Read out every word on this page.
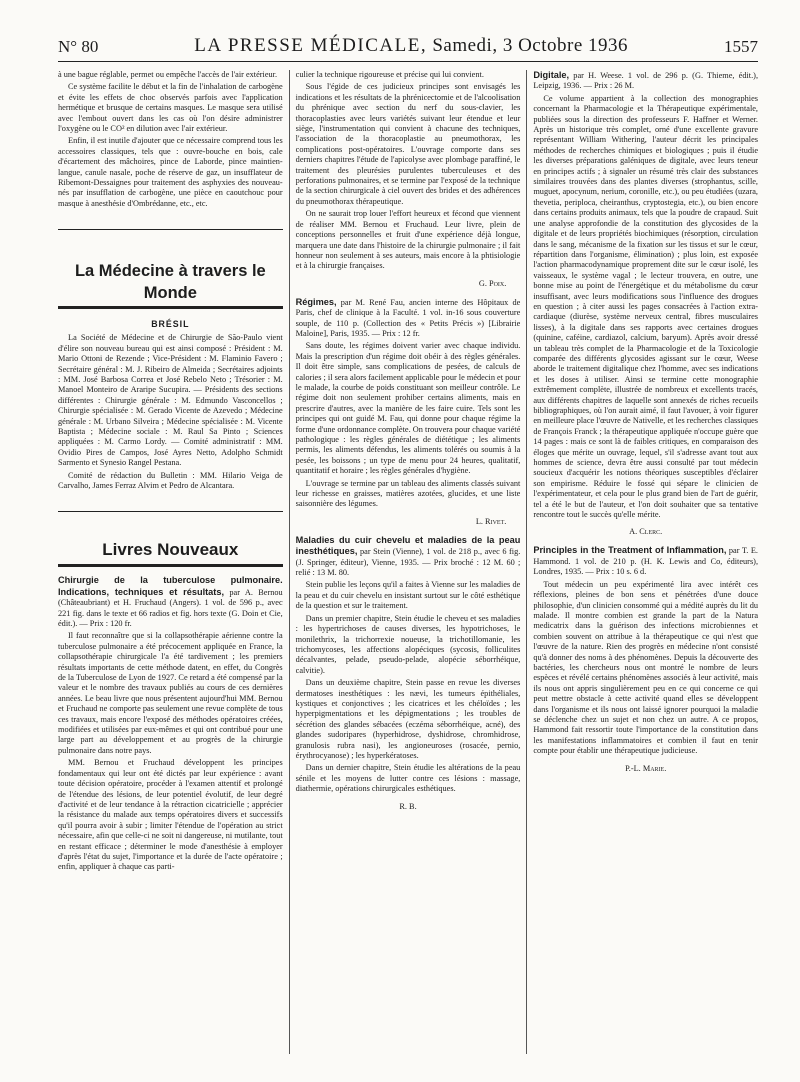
N° 80	LA PRESSE MÉDICALE, Samedi, 3 Octobre 1936	1557

à une bague réglable, permet ou empêche l'accès de l'air extérieur.

Ce système facilite le début et la fin de l'inhalation de carbogène et évite les effets de choc observés parfois avec l'application hermétique et brusque de certains masques. Le masque sera utilisé avec l'embout ouvert dans les cas où l'on désire administrer l'oxygène ou le CO² en dilution avec l'air extérieur.

Enfin, il est inutile d'ajouter que ce nécessaire comprend tous les accessoires classiques, tels que : ouvre-bouche en bois, cale d'écartement des mâchoires, pince de Laborde, pince maintien-langue, canule nasale, poche de réserve de gaz, un insufflateur de Ribemont-Dessaignes pour traitement des asphyxies des nouveau-nés par insufflation de carbogène, une pièce en caoutchouc pour masque à anesthésie d'Ombrédanne, etc., etc.

La Médecine à travers le Monde
BRÉSIL

La Société de Médecine et de Chirurgie de São-Paulo vient d'élire son nouveau bureau qui est ainsi composé : Président : M. Mario Ottoni de Rezende ; Vice-Président : M. Flaminio Favero ; Secrétaire général : M. J. Ribeiro de Almeida ; Secrétaires adjoints : MM. José Barbosa Correa et José Rebelo Neto ; Trésorier : M. Manoel Monteiro de Araripe Sucupira. — Présidents des sections différentes : Chirurgie générale : M. Edmundo Vasconcellos ; Chirurgie spécialisée : M. Gerado Vicente de Azevedo ; Médecine générale : M. Urbano Silveira ; Médecine spécialisée : M. Vicente Baptista ; Médecine sociale : M. Raul Sa Pinto ; Sciences appliquées : M. Carmo Lordy. — Comité administratif : MM. Ovidio Pires de Campos, José Ayres Netto, Adolpho Schmidt Sarmento et Synesio Rangel Pestana.

Comité de rédaction du Bulletin : MM. Hilario Veiga de Carvalho, James Ferraz Alvim et Pedro de Alcantara.

Livres Nouveaux

Chirurgie de la tuberculose pulmonaire. Indications, techniques et résultats, par A. Bernou (Châteaubriant) et H. Fruchaud (Angers). 1 vol. de 596 p., avec 221 fig. dans le texte et 66 radios et fig. hors texte (G. Doin et Cie, édit.). — Prix : 120 fr.

Il faut reconnaître que si la collapsothérapie aérienne contre la tuberculose pulmonaire a été précocement appliquée en France, la collapsothérapie chirurgicale l'a été tardivement ; les premiers résultats importants de cette méthode datent, en effet, du Congrès de la Tuberculose de Lyon de 1927. Ce retard a été compensé par la valeur et le nombre des travaux publiés au cours de ces dernières années. Le beau livre que nous présentent aujourd'hui MM. Bernou et Fruchaud ne comporte pas seulement une revue complète de tous ces travaux, mais encore l'exposé des méthodes opératoires créées, modifiées et utilisées par eux-mêmes et qui ont contribué pour une large part au développement et au progrès de la chirurgie pulmonaire dans notre pays.

MM. Bernou et Fruchaud développent les principes fondamentaux qui leur ont été dictés par leur expérience : avant toute décision opératoire, procéder à l'examen attentif et prolongé de l'étendue des lésions, de leur potentiel évolutif, de leur degré d'activité et de leur tendance à la rétraction cicatricielle ; apprécier la résistance du malade aux temps opératoires divers et successifs qu'il pourra avoir à subir ; limiter l'étendue de l'opération au strict nécessaire, afin que celle-ci ne soit ni dangereuse, ni mutilante, tout en restant efficace ; déterminer le mode d'anesthésie à employer d'après l'état du sujet, l'importance et la durée de l'acte opératoire ; enfin, appliquer à chaque cas parti-

culier la technique rigoureuse et précise qui lui convient.

Sous l'égide de ces judicieux principes sont envisagés les indications et les résultats de la phrénicectomie et de l'alcoolisation du phrénique avec section du nerf du sous-clavier, les thoracoplasties avec leurs variétés suivant leur étendue et leur siège, l'instrumentation qui convient à chacune des techniques, l'association de la thoracoplastie au pneumothorax, les complications post-opératoires. L'ouvrage comporte dans ses derniers chapitres l'étude de l'apicolyse avec plombage paraffiné, le traitement des pleurésies purulentes tuberculeuses et des perforations pulmonaires, et se termine par l'exposé de la technique de la section chirurgicale à ciel ouvert des brides et des adhérences du pneumothorax thérapeutique.

On ne saurait trop louer l'effort heureux et fécond que viennent de réaliser MM. Bernou et Fruchaud. Leur livre, plein de conceptions personnelles et fruit d'une expérience déjà longue, marquera une date dans l'histoire de la chirurgie pulmonaire ; il fait honneur non seulement à ses auteurs, mais encore à la phtisiologie et à la chirurgie françaises.

G. Poix.

Régimes, par M. René Fau, ancien interne des Hôpitaux de Paris, chef de clinique à la Faculté. 1 vol. in-16 sous couverture souple, de 110 p. (Collection des « Petits Précis ») [Librairie Maloine], Paris, 1935. — Prix : 12 fr.

Sans doute, les régimes doivent varier avec chaque individu. Mais la prescription d'un régime doit obéir à des règles générales. Il doit être simple, sans complications de pesées, de calculs de calories ; il sera alors facilement applicable pour le médecin et pour le malade, la courbe de poids constituant son meilleur contrôle. Le régime doit non seulement prohiber certains aliments, mais en prescrire d'autres, avec la manière de les faire cuire. Tels sont les principes qui ont guidé M. Fau, qui donne pour chaque régime la forme d'une ordonnance complète. On trouvera pour chaque variété pathologique : les règles générales de diététique ; les aliments permis, les aliments défendus, les aliments tolérés ou soumis à la pesée, les boissons ; un type de menu pour 24 heures, qualitatif, quantitatif et horaire ; les règles générales d'hygiène.

L'ouvrage se termine par un tableau des aliments classés suivant leur richesse en graisses, matières azotées, glucides, et une liste saisonnière des légumes.

L. Rivet.

Maladies du cuir chevelu et maladies de la peau inesthétiques, par Stein (Vienne), 1 vol. de 218 p., avec 6 fig. (J. Springer, éditeur), Vienne, 1935. — Prix broché : 12 M. 60 ; relié : 13 M. 80.

Stein publie les leçons qu'il a faites à Vienne sur les maladies de la peau et du cuir chevelu en insistant surtout sur le côté esthétique de la question et sur le traitement.

Dans un premier chapitre, Stein étudie le cheveu et ses maladies : les hypertrichoses de causes diverses, les hypotrichoses, le monilethrix, la trichorrexie noueuse, la trichotillomanie, les trichomycoses, les affections alopéciques (sycosis, folliculites décalvantes, pelade, pseudo-pelade, alopécie séborrhéique, calvitie).

Dans un deuxième chapitre, Stein passe en revue les diverses dermatoses inesthétiques : les nævi, les tumeurs épithéliales, kystiques et conjonctives ; les cicatrices et les chéloïdes ; les hyperpigmentations et les dépigmentations ; les troubles de sécrétion des glandes sébacées (eczéma séborrhéique, acné), des glandes sudoripares (hyperhidrose, dyshidrose, chromhidrose, granulosis rubra nasi), les angioneuroses (rosacée, pernio, érythrocyanose) ; les hyperkératoses.

Dans un dernier chapitre, Stein étudie les altérations de la peau sénile et les moyens de lutter contre ces lésions : massage, diathermie, opérations chirurgicales esthétiques.

R. B.

Digitale, par H. Weese. 1 vol. de 296 p. (G. Thieme, édit.), Leipzig, 1936. — Prix : 26 M.

Ce volume appartient à la collection des monographies concernant la Pharmacologie et la Thérapeutique expérimentale, publiées sous la direction des professeurs F. Haffner et Werner. Après un historique très complet, orné d'une excellente gravure représentant William Withering, l'auteur décrit les principales méthodes de recherches chimiques et biologiques ; puis il étudie les diverses préparations galéniques de digitale, avec leurs teneur en principes actifs ; à signaler un résumé très clair des substances similaires trouvées dans des plantes diverses (strophantus, scille, muguet, apocynum, nerium, coronille, etc.), ou peu étudiées (uzara, thevetia, periploca, cheiranthus, cryptostegia, etc.), ou bien encore dans certains produits animaux, tels que la poudre de crapaud. Suit une analyse approfondie de la constitution des glycosides de la digitale et de leurs propriétés biochimiques (résorption, circulation dans le sang, mécanisme de la fixation sur les tissus et sur le cœur, répartition dans l'organisme, élimination) ; plus loin, est exposée l'action pharmacodynamique proprement dite sur le cœur isolé, les vaisseaux, le système vagal ; le lecteur trouvera, en outre, une bonne mise au point de l'énergétique et du métabolisme du cœur insuffisant, avec leurs modifications sous l'influence des drogues en question ; à citer aussi les pages consacrées à l'action extra-cardiaque (diurèse, système nerveux central, fibres musculaires lisses), à la digitale dans ses rapports avec certaines drogues (quinine, caféine, cardiazol, calcium, baryum). Après avoir dressé un tableau très complet de la Pharmacologie et de la Toxicologie comparée des différents glycosides agissant sur le cœur, Weese aborde le traitement digitalique chez l'homme, avec ses indications et les doses à utiliser. Ainsi se termine cette monographie extrêmement complète, illustrée de nombreux et excellents tracés, aux différents chapitres de laquelle sont annexés de riches recueils bibliographiques, où l'on aurait aimé, il faut l'avouer, à voir figurer en meilleure place l'œuvre de Nativelle, et les recherches classiques de François Franck ; la thérapeutique appliquée n'occupe guère que 14 pages : mais ce sont là de faibles critiques, en comparaison des éloges que mérite un ouvrage, lequel, s'il s'adresse avant tout aux hommes de science, devra être aussi consulté par tout médecin soucieux d'acquérir les notions théoriques susceptibles d'éclairer son empirisme. Réduire le fossé qui sépare le clinicien de l'expérimentateur, et cela pour le plus grand bien de l'art de guérir, tel a été le but de l'auteur, et l'on doit souhaiter que sa tentative rencontre tout le succès qu'elle mérite.

A. Clerc.

Principles in the Treatment of Inflammation, par T. E. Hammond. 1 vol. de 210 p. (H. K. Lewis and Co, éditeurs), Londres, 1935. — Prix : 10 s. 6 d.

Tout médecin un peu expérimenté lira avec intérêt ces réflexions, pleines de bon sens et pénétrées d'une douce philosophie, d'un clinicien consommé qui a médité auprès du lit du malade. Il montre combien est grande la part de la Natura medicatrix dans la guérison des infections microbiennes et combien souvent on attribue à la thérapeutique ce qui n'est que l'œuvre de la nature. Rien des progrès en médecine n'ont consisté qu'à donner des noms à des phénomènes. Depuis la découverte des bactéries, les chercheurs nous ont montré le nombre de leurs espèces et révélé certains phénomènes associés à leur activité, mais ils nous ont appris singulièrement peu en ce qui concerne ce qui peut mettre obstacle à cette activité quand elles se développent dans l'organisme et ils nous ont laissé ignorer pourquoi la maladie se déclenche chez un sujet et non chez un autre. A ce propos, Hammond fait ressortir toute l'importance de la constitution dans les manifestations inflammatoires et combien il faut en tenir compte pour établir une thérapeutique judicieuse.

P.-L. Marie.
